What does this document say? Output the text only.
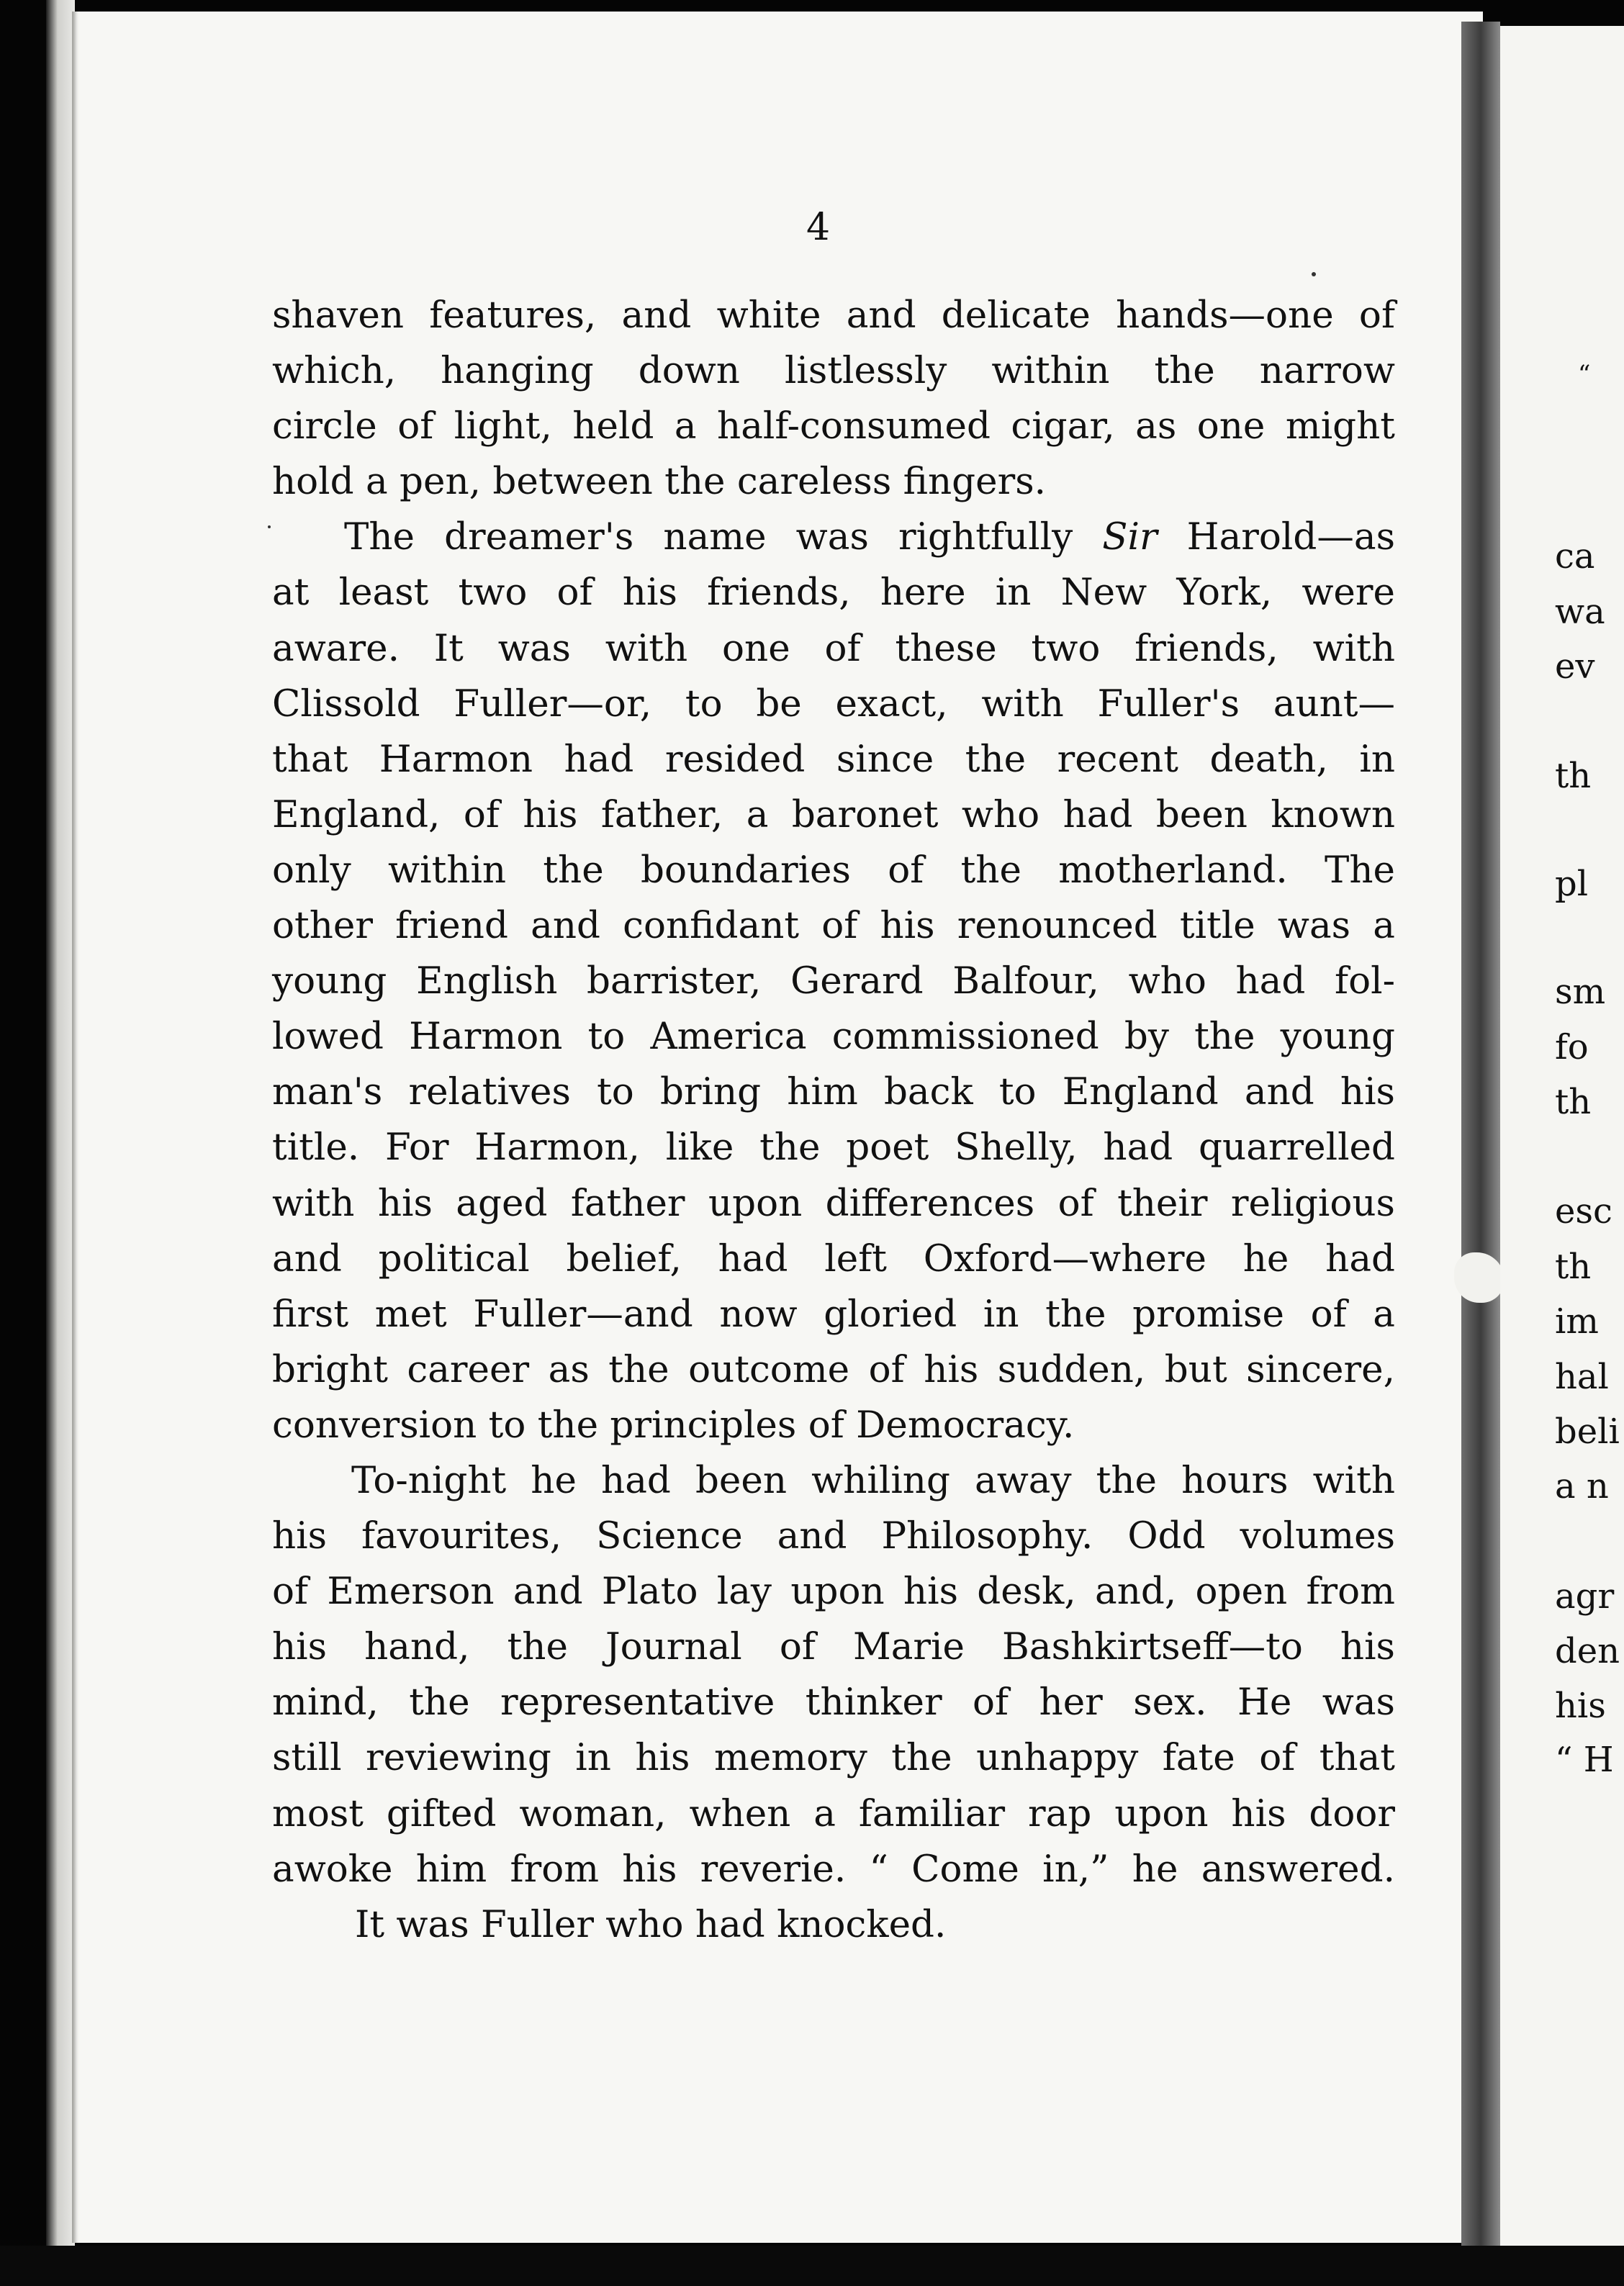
4

shaven features, and white and delicate hands—one of

which, hanging down listlessly within the narrow

circle of light, held a half-consumed cigar, as one might

hold a pen, between the careless fingers.

The dreamer's name was rightfully Sir Harold—as

at least two of his friends, here in New York, were

aware. It was with one of these two friends, with

Clissold Fuller—or, to be exact, with Fuller's aunt—

that Harmon had resided since the recent death, in

England, of his father, a baronet who had been known

only within the boundaries of the motherland. The

other friend and confidant of his renounced title was a

young English barrister, Gerard Balfour, who had fol-

lowed Harmon to America commissioned by the young

man's relatives to bring him back to England and his

title. For Harmon, like the poet Shelly, had quarrelled

with his aged father upon differences of their religious

and political belief, had left Oxford—where he had

first met Fuller—and now gloried in the promise of a

bright career as the outcome of his sudden, but sincere,

conversion to the principles of Democracy.

To-night he had been whiling away the hours with

his favourites, Science and Philosophy. Odd volumes

of Emerson and Plato lay upon his desk, and, open from

his hand, the Journal of Marie Bashkirtseff—to his

mind, the representative thinker of her sex. He was

still reviewing in his memory the unhappy fate of that

most gifted woman, when a familiar rap upon his door

awoke him from his reverie. “ Come in,” he answered.

It was Fuller who had knocked.

“
ca
wa
ev
th
pl
sm
fo
th
esc
th
im
hal
beli
a n
agr
den
his
“ H
